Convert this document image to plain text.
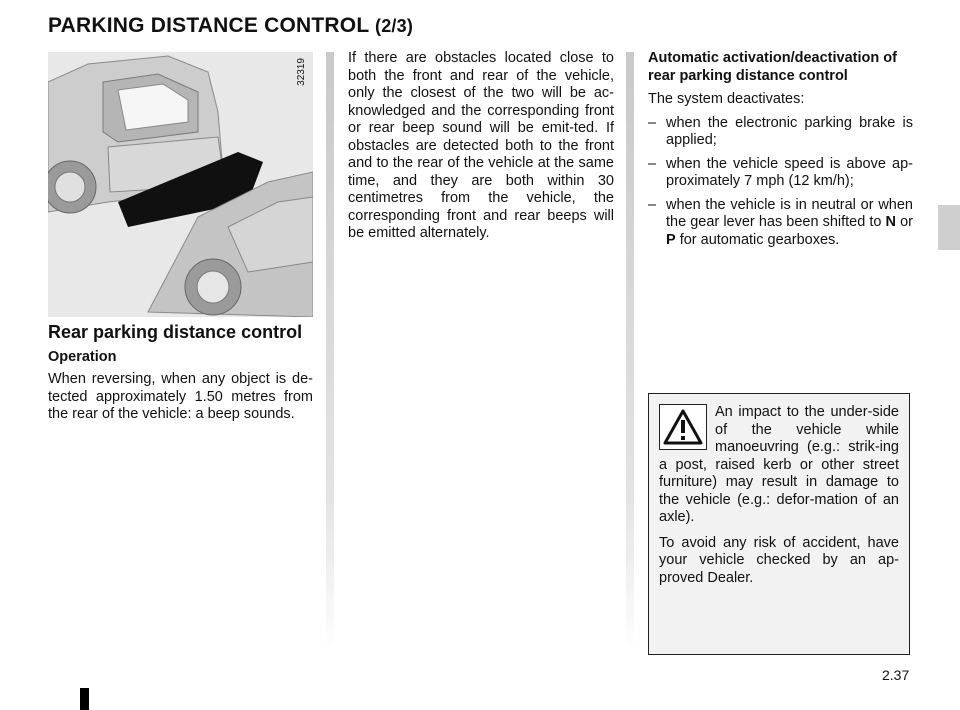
PARKING DISTANCE CONTROL (2/3)
32319
Rear parking distance control
Operation

When reversing, when any object is de-tected approximately 1.50 metres from the rear of the vehicle: a beep sounds.

If there are obstacles located close to both the front and rear of the vehicle, only the closest of the two will be ac-knowledged and the corresponding front or rear beep sound will be emit-ted. If obstacles are detected both to the front and to the rear of the vehicle at the same time, and they are both within 30 centimetres from the vehicle, the corresponding front and rear beeps will be emitted alternately.

Automatic activation/deactivation of rear parking distance control

The system deactivates:

– when the electronic parking brake is applied;
– when the vehicle speed is above ap-proximately 7 mph (12 km/h);
– when the vehicle is in neutral or when the gear lever has been shifted to N or P for automatic gearboxes.

An impact to the under-side of the vehicle while manoeuvring (e.g.: strik-ing a post, raised kerb or other street furniture) may result in damage to the vehicle (e.g.: defor-mation of an axle).

To avoid any risk of accident, have your vehicle checked by an ap-proved Dealer.

2.37
